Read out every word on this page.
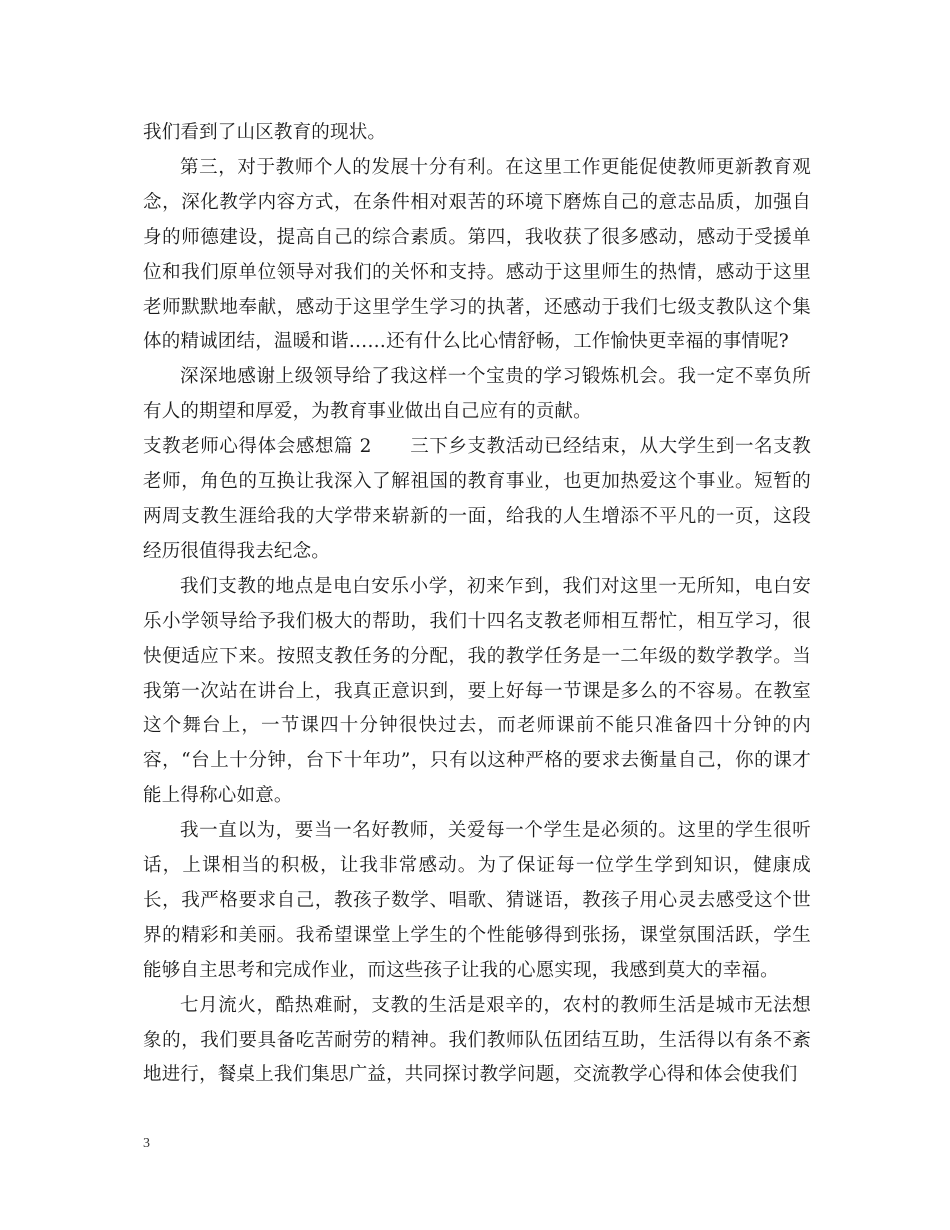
我们看到了山区教育的现状。

第三，对于教师个人的发展十分有利。在这里工作更能促使教师更新教育观念，深化教学内容方式，在条件相对艰苦的环境下磨炼自己的意志品质，加强自身的师德建设，提高自己的综合素质。第四，我收获了很多感动，感动于受援单位和我们原单位领导对我们的关怀和支持。感动于这里师生的热情，感动于这里老师默默地奉献，感动于这里学生学习的执著，还感动于我们七级支教队这个集体的精诚团结，温暖和谐……还有什么比心情舒畅，工作愉快更幸福的事情呢?

深深地感谢上级领导给了我这样一个宝贵的学习锻炼机会。我一定不辜负所有人的期望和厚爱，为教育事业做出自己应有的贡献。

支教老师心得体会感想篇 2　　三下乡支教活动已经结束，从大学生到一名支教老师，角色的互换让我深入了解祖国的教育事业，也更加热爱这个事业。短暂的两周支教生涯给我的大学带来崭新的一面，给我的人生增添不平凡的一页，这段经历很值得我去纪念。

我们支教的地点是电白安乐小学，初来乍到，我们对这里一无所知，电白安乐小学领导给予我们极大的帮助，我们十四名支教老师相互帮忙，相互学习，很快便适应下来。按照支教任务的分配，我的教学任务是一二年级的数学教学。当我第一次站在讲台上，我真正意识到，要上好每一节课是多么的不容易。在教室这个舞台上，一节课四十分钟很快过去，而老师课前不能只准备四十分钟的内容，“台上十分钟，台下十年功”，只有以这种严格的要求去衡量自己，你的课才能上得称心如意。

我一直以为，要当一名好教师，关爱每一个学生是必须的。这里的学生很听话，上课相当的积极，让我非常感动。为了保证每一位学生学到知识，健康成长，我严格要求自己，教孩子数学、唱歌、猜谜语，教孩子用心灵去感受这个世界的精彩和美丽。我希望课堂上学生的个性能够得到张扬，课堂氛围活跃，学生能够自主思考和完成作业，而这些孩子让我的心愿实现，我感到莫大的幸福。

七月流火，酷热难耐，支教的生活是艰辛的，农村的教师生活是城市无法想象的，我们要具备吃苦耐劳的精神。我们教师队伍团结互助，生活得以有条不紊地进行，餐桌上我们集思广益，共同探讨教学问题，交流教学心得和体会使我们

3
